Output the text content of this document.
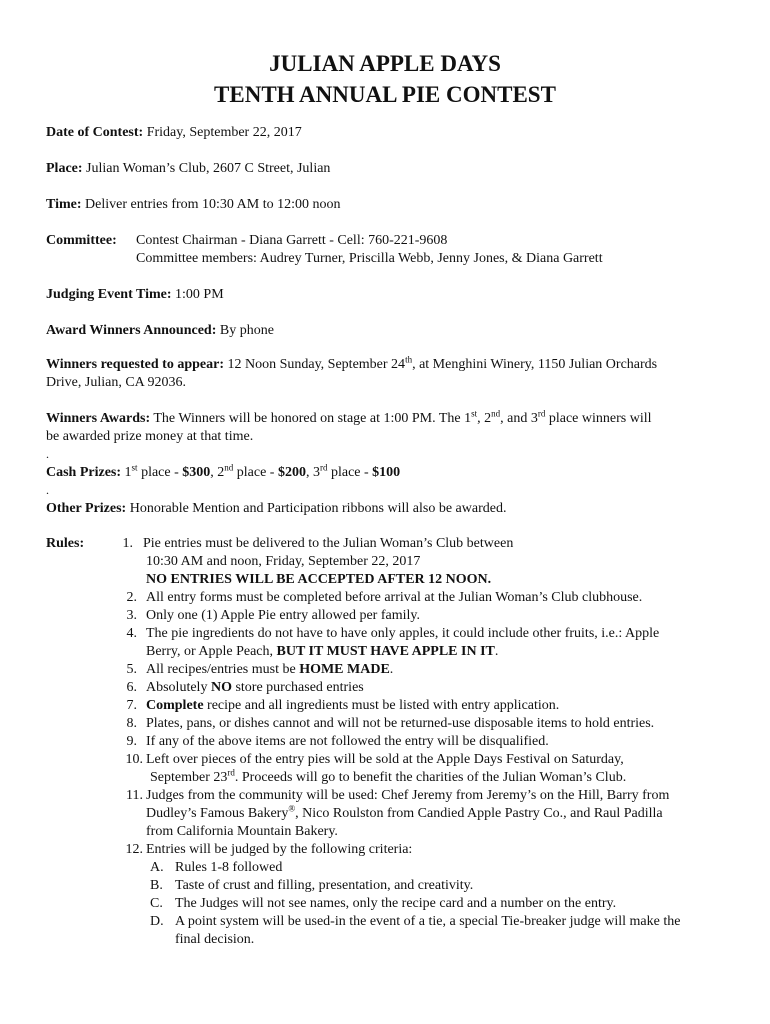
JULIAN APPLE DAYS
TENTH ANNUAL PIE CONTEST
Date of Contest: Friday, September 22, 2017
Place: Julian Woman’s Club, 2607 C Street, Julian
Time: Deliver entries from 10:30 AM to 12:00 noon
Committee:	Contest Chairman - Diana Garrett - Cell: 760-221-9608
Committee members: Audrey Turner, Priscilla Webb, Jenny Jones, & Diana Garrett
Judging Event Time: 1:00 PM
Award Winners Announced: By phone
Winners requested to appear: 12 Noon Sunday, September 24th, at Menghini Winery, 1150 Julian Orchards
Drive, Julian, CA 92036.
Winners Awards: The Winners will be honored on stage at 1:00 PM. The 1st, 2nd, and 3rd place winners will
be awarded prize money at that time.
.
Cash Prizes: 1st place - $300, 2nd place - $200, 3rd place - $100
.
Other Prizes: Honorable Mention and Participation ribbons will also be awarded.
Rules:	1. Pie entries must be delivered to the Julian Woman’s Club between
10:30 AM and noon, Friday, September 22, 2017
NO ENTRIES WILL BE ACCEPTED AFTER 12 NOON.
2. All entry forms must be completed before arrival at the Julian Woman’s Club clubhouse.
3. Only one (1) Apple Pie entry allowed per family.
4. The pie ingredients do not have to have only apples, it could include other fruits, i.e.: Apple
Berry, or Apple Peach, BUT IT MUST HAVE APPLE IN IT.
5. All recipes/entries must be HOME MADE.
6. Absolutely NO store purchased entries
7. Complete recipe and all ingredients must be listed with entry application.
8. Plates, pans, or dishes cannot and will not be returned-use disposable items to hold entries.
9. If any of the above items are not followed the entry will be disqualified.
10. Left over pieces of the entry pies will be sold at the Apple Days Festival on Saturday,
September 23rd. Proceeds will go to benefit the charities of the Julian Woman’s Club.
11. Judges from the community will be used: Chef Jeremy from Jeremy’s on the Hill, Barry from
Dudley’s Famous Bakery®, Nico Roulston from Candied Apple Pastry Co., and Raul Padilla
from California Mountain Bakery.
12. Entries will be judged by the following criteria:
A. Rules 1-8 followed
B. Taste of crust and filling, presentation, and creativity.
C. The Judges will not see names, only the recipe card and a number on the entry.
D. A point system will be used-in the event of a tie, a special Tie-breaker judge will make the
final decision.
